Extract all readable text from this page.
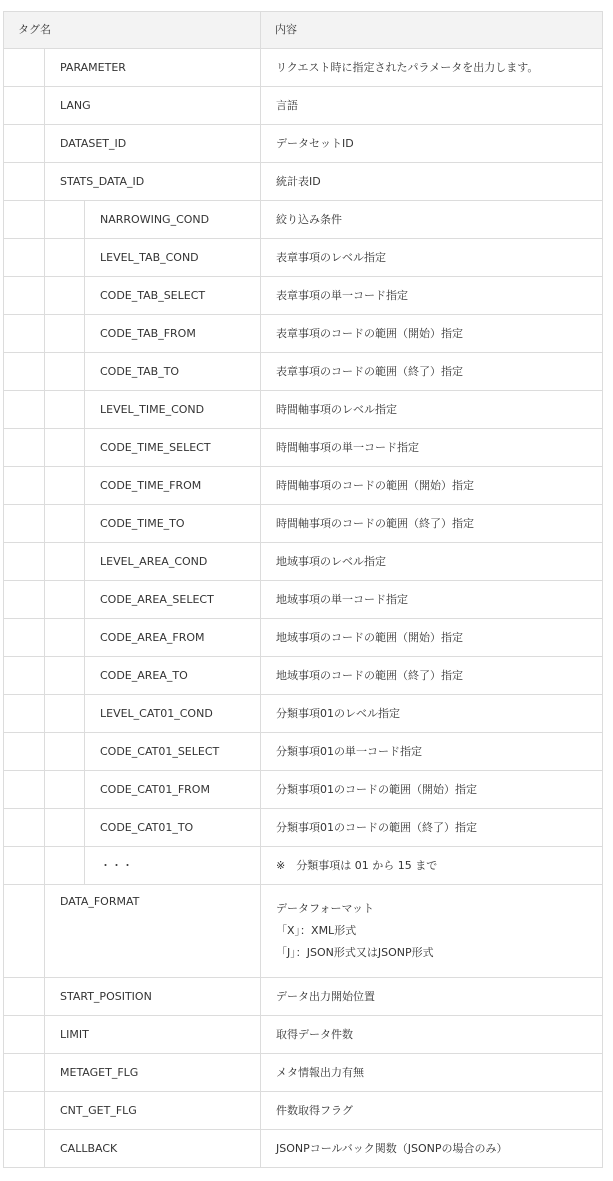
タグ名			内容
	PARAMETER		リクエスト時に指定されたパラメータを出力します。
	LANG		言語
	DATASET_ID		データセットID
	STATS_DATA_ID		統計表ID
		NARROWING_COND	絞り込み条件
		LEVEL_TAB_COND	表章事項のレベル指定
		CODE_TAB_SELECT	表章事項の単一コード指定
		CODE_TAB_FROM	表章事項のコードの範囲（開始）指定
		CODE_TAB_TO	表章事項のコードの範囲（終了）指定
		LEVEL_TIME_COND	時間軸事項のレベル指定
		CODE_TIME_SELECT	時間軸事項の単一コード指定
		CODE_TIME_FROM	時間軸事項のコードの範囲（開始）指定
		CODE_TIME_TO	時間軸事項のコードの範囲（終了）指定
		LEVEL_AREA_COND	地域事項のレベル指定
		CODE_AREA_SELECT	地域事項の単一コード指定
		CODE_AREA_FROM	地域事項のコードの範囲（開始）指定
		CODE_AREA_TO	地域事項のコードの範囲（終了）指定
		LEVEL_CAT01_COND	分類事項01のレベル指定
		CODE_CAT01_SELECT	分類事項01の単一コード指定
		CODE_CAT01_FROM	分類事項01のコードの範囲（開始）指定
		CODE_CAT01_TO	分類事項01のコードの範囲（終了）指定
		・・・	※　分類事項は 01 から 15 まで
	DATA_FORMAT		データフォーマット
「X」：XML形式
「J」：JSON形式又はJSONP形式

	START_POSITION		データ出力開始位置
	LIMIT		取得データ件数
	METAGET_FLG		メタ情報出力有無
	CNT_GET_FLG		件数取得フラグ
	CALLBACK		JSONPコールバック関数（JSONPの場合のみ）
